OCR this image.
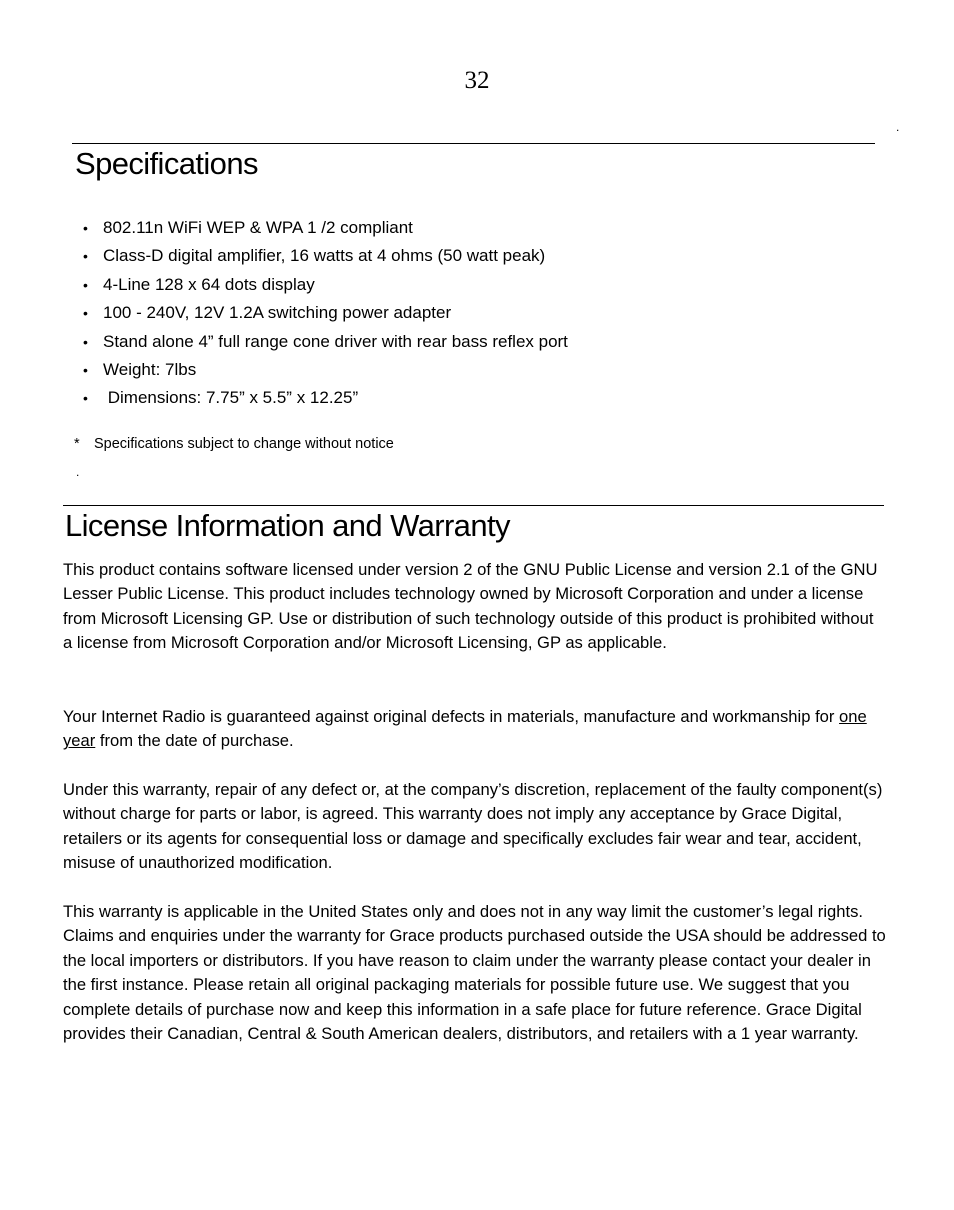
32
.
Specifications
• 802.11n WiFi WEP & WPA 1 /2 compliant
• Class-D digital amplifier, 16 watts at 4 ohms (50 watt peak)
• 4-Line 128 x 64 dots display
• 100 - 240V, 12V 1.2A switching power adapter
• Stand alone 4” full range cone driver with rear bass reflex port
• Weight: 7lbs
• Dimensions: 7.75” x 5.5” x 12.25”
* Specifications subject to change without notice
.
License Information and Warranty

This product contains software licensed under version 2 of the GNU Public License and version 2.1 of the GNU Lesser Public License. This product includes technology owned by Microsoft Corporation and under a license from Microsoft Licensing GP. Use or distribution of such technology outside of this product is prohibited without a license from Microsoft Corporation and/or Microsoft Licensing, GP as applicable.

Your Internet Radio is guaranteed against original defects in materials, manufacture and workmanship for one year from the date of purchase.

Under this warranty, repair of any defect or, at the company’s discretion, replacement of the faulty component(s) without charge for parts or labor, is agreed. This warranty does not imply any acceptance by Grace Digital, retailers or its agents for consequential loss or damage and specifically excludes fair wear and tear, accident, misuse of unauthorized modification.

This warranty is applicable in the United States only and does not in any way limit the customer’s legal rights. Claims and enquiries under the warranty for Grace products purchased outside the USA should be addressed to the local importers or distributors. If you have reason to claim under the warranty please contact your dealer in the first instance. Please retain all original packaging materials for possible future use. We suggest that you complete details of purchase now and keep this information in a safe place for future reference. Grace Digital provides their Canadian, Central & South American dealers, distributors, and retailers with a 1 year warranty.
